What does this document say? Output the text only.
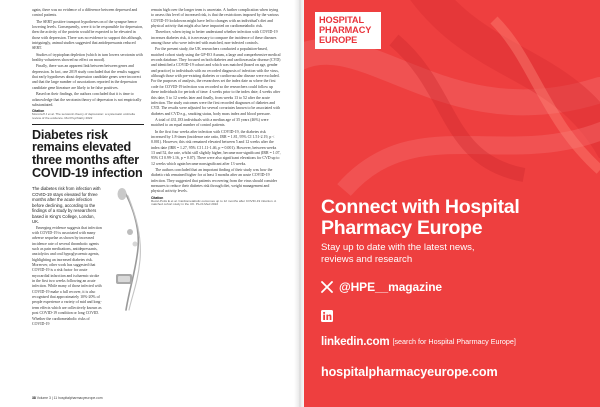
again, there was no evidence of a difference between depressed and control patients.

The SERT positive transport hypotheses on of the synapse hence lowering levels. Consequently, were it to be responsible for depression, then the activity of the protein would be expected to be elevated in those with depression. There was no evidence to support this although, intriguingly, animal studies suggested that antidepressants reduced SERT.

Studies of tryptophan depletion (which in turn lowers serotonin with healthy volunteers showed no effect on mood).

Finally, there was an apparent link between between genes and depression. In fact, one 2019 study concluded that the results suggest that early hypotheses about depression candidate genes were incorrect and that the large number of associations reported in the depression candidate gene literature are likely to be false positives.

Based on their findings, the authors concluded that it is time to acknowledge that the serotonin theory of depression is not empirically substantiated.

Citation
Moncrieff J et al. The serotonin theory of depression: a systematic umbrella review of the evidence. Mol Psychiatry 2022
Diabetes risk remains elevated three months after COVID-19 infection

The diabetes risk from infection with COVID-19 stays elevated for three months after the acute infection before declining, according to the findings of a study by researchers based in King's College, London, UK.

Emerging evidence suggests that infection with COVID-19 is associated with many adverse sequelae as shown by increased incidence rate of several thrombotic agents such as pain medications, antidepressants, anxiolytics and oral hypoglycaemic agents, highlighting an increased diabetes risk. Moreover, other work has suggested that COVID-19 is a risk factor for acute myocardial infarction and ischaemic stroke in the first two weeks following an acute infection. While many of those infected with COVID-19 make a full recover, it is also recognised that approximately 10%-20% of people experience a variety of mid and long-term effects which are collectively known as post COVID-19 condition or long COVID. Whether the cardiometabolic risks of COVID-19

remain high over the longer term is uncertain. A further complication when trying to assess this level of increased risk, is that the restrictions imposed by the various COVID-19 lockdowns might have led to changes with an individual's diet and physical activity that might also have impacted on cardiometabolic risk.

Therefore, when trying to better understand whether infection with COVID-19 increases diabetes risk, it is necessary to compare the incidence of these diseases among those who were infected with matched, non-infected controls.

For the present study, the UK researchers conducted a population-based, matched cohort study using the GP-EO Aurum, a large and comprehensive medical records database. They focused on both diabetes and cardiovascular disease (CVD) and identified a COVID-19 cohort and which was matched (based on age, gender and practice) to individuals with no recorded diagnosis of infection with the virus, although those with pre-existing diabetes or cardiovascular disease were excluded. For the purposes of analysis, the researchers set the index date as where the first code for COVID-19 infection was recorded so the researchers could follow up these individuals for periods of time: 4 weeks prior to the index date; 4 weeks after this date; 5 to 12 weeks later and finally, from weeks 13 to 52 after the acute infection. The study outcomes were the first recorded diagnoses of diabetes and CVD. The results were adjusted for several covariates known to be associated with diabetes and CVD e.g., smoking status, body mass index and blood pressure.

A total of 431,183 individuals with a median age of 35 years (46%) were matched to an equal number of control patients.

In the first four weeks after infection with COVID-19, the diabetes risk increased by 1.8-times (incidence rate ratio, IRR = 1.81, 95% CI 1.51-2.19, p < 0.001). However, this risk remained elevated between 5 and 12 weeks after the index date (IRR = 1.27, 95% CI 1.11-1.46, p = 0.001). However, between weeks 13 and 52, the rate, whilst still slightly higher, became non-significant (IRR = 1.07, 95% CI 0.99-1.16, p = 0.07). There were also significant elevations for CVD up to 12 weeks which again became nonsignificant after 13 weeks.

The authors concluded that an important finding of their study was how the diabetic risk remained higher for at least 3 months after an acute COVID-19 infection. They suggested that patients recovering from the virus should consider measures to reduce their diabetes risk through diet, weight management and physical activity levels.

Citation
Rezel-Potts E et al. Cardiometabolic outcomes up to 12 months after COVID-19 infection. A matched cohort study in the UK. PLoS Med 2022
38 Volume 3 | 11 hospitalpharmacyeurope.com
HOSPITAL
PHARMACY
EUROPE
Connect with Hospital
Pharmacy Europe
Stay up to date with the latest news,
reviews and research
@HPE__magazine
linkedin.com [search for Hospital Pharmacy Europe]
hospitalpharmacyeurope.com
